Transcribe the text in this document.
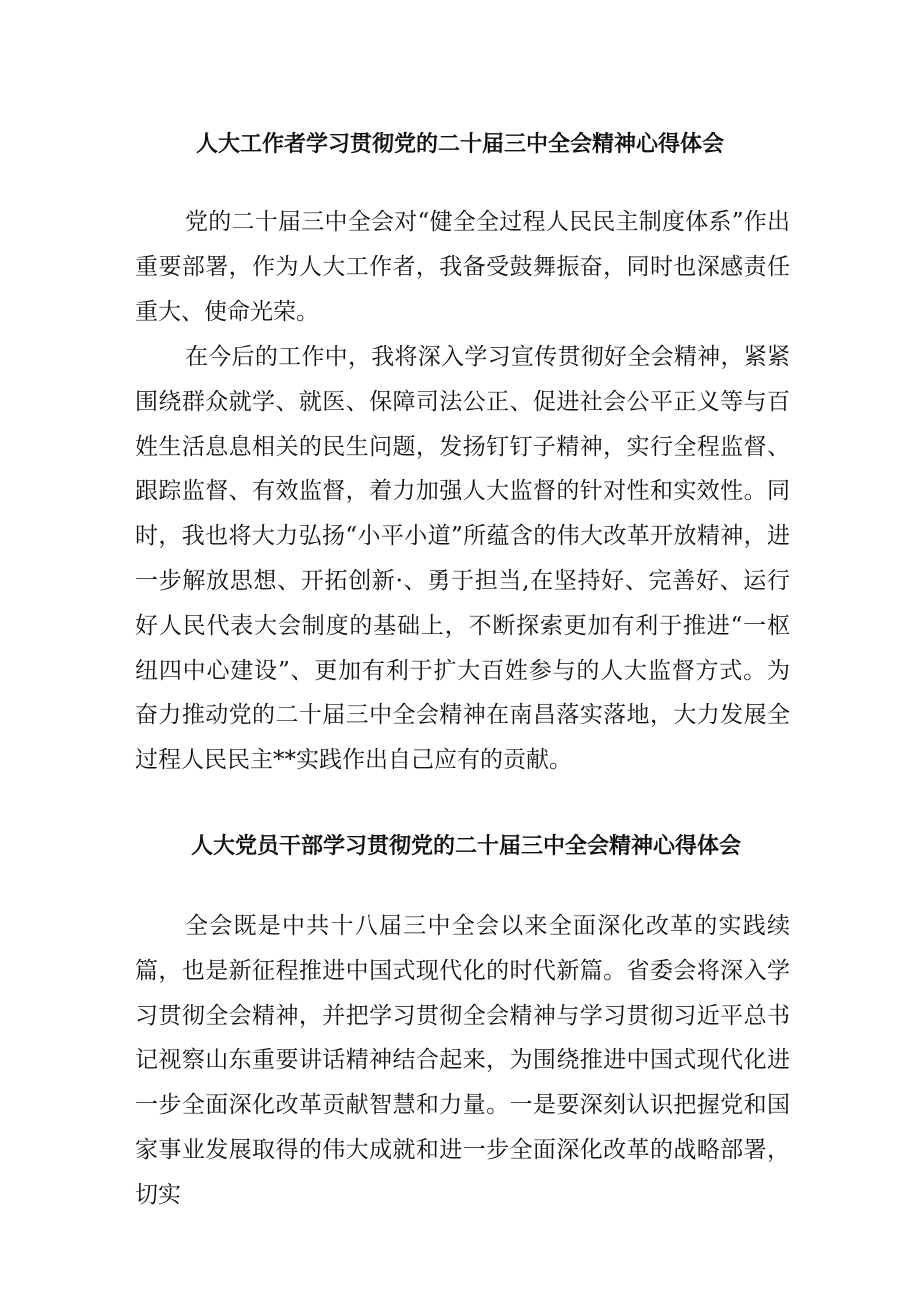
人大工作者学习贯彻党的二十届三中全会精神心得体会

党的二十届三中全会对“健全全过程人民民主制度体系”作出重要部署，作为人大工作者，我备受鼓舞振奋，同时也深感责任重大、使命光荣。

在今后的工作中，我将深入学习宣传贯彻好全会精神，紧紧围绕群众就学、就医、保障司法公正、促进社会公平正义等与百姓生活息息相关的民生问题，发扬钉钉子精神，实行全程监督、跟踪监督、有效监督，着力加强人大监督的针对性和实效性。同时，我也将大力弘扬“小平小道”所蕴含的伟大改革开放精神，进一步解放思想、开拓创新·、勇于担当,在坚持好、完善好、运行好人民代表大会制度的基础上，不断探索更加有利于推进“一枢纽四中心建设”、更加有利于扩大百姓参与的人大监督方式。为奋力推动党的二十届三中全会精神在南昌落实落地，大力发展全过程人民民主**实践作出自己应有的贡献。

人大党员干部学习贯彻党的二十届三中全会精神心得体会

全会既是中共十八届三中全会以来全面深化改革的实践续篇，也是新征程推进中国式现代化的时代新篇。省委会将深入学习贯彻全会精神，并把学习贯彻全会精神与学习贯彻习近平总书记视察山东重要讲话精神结合起来，为围绕推进中国式现代化进一步全面深化改革贡献智慧和力量。一是要深刻认识把握党和国家事业发展取得的伟大成就和进一步全面深化改革的战略部署，切实
